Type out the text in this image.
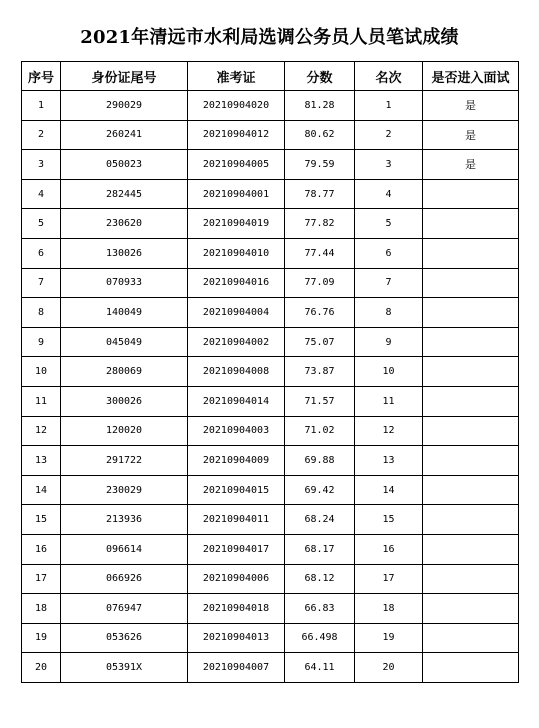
2021年清远市水利局选调公务员人员笔试成绩
序号	身份证尾号	准考证	分数	名次	是否进入面试
1	290029	20210904020	81.28	1	是
2	260241	20210904012	80.62	2	是
3	050023	20210904005	79.59	3	是
4	282445	20210904001	78.77	4	
5	230620	20210904019	77.82	5	
6	130026	20210904010	77.44	6	
7	070933	20210904016	77.09	7	
8	140049	20210904004	76.76	8	
9	045049	20210904002	75.07	9	
10	280069	20210904008	73.87	10	
11	300026	20210904014	71.57	11	
12	120020	20210904003	71.02	12	
13	291722	20210904009	69.88	13	
14	230029	20210904015	69.42	14	
15	213936	20210904011	68.24	15	
16	096614	20210904017	68.17	16	
17	066926	20210904006	68.12	17	
18	076947	20210904018	66.83	18	
19	053626	20210904013	66.498	19	
20	05391X	20210904007	64.11	20	
